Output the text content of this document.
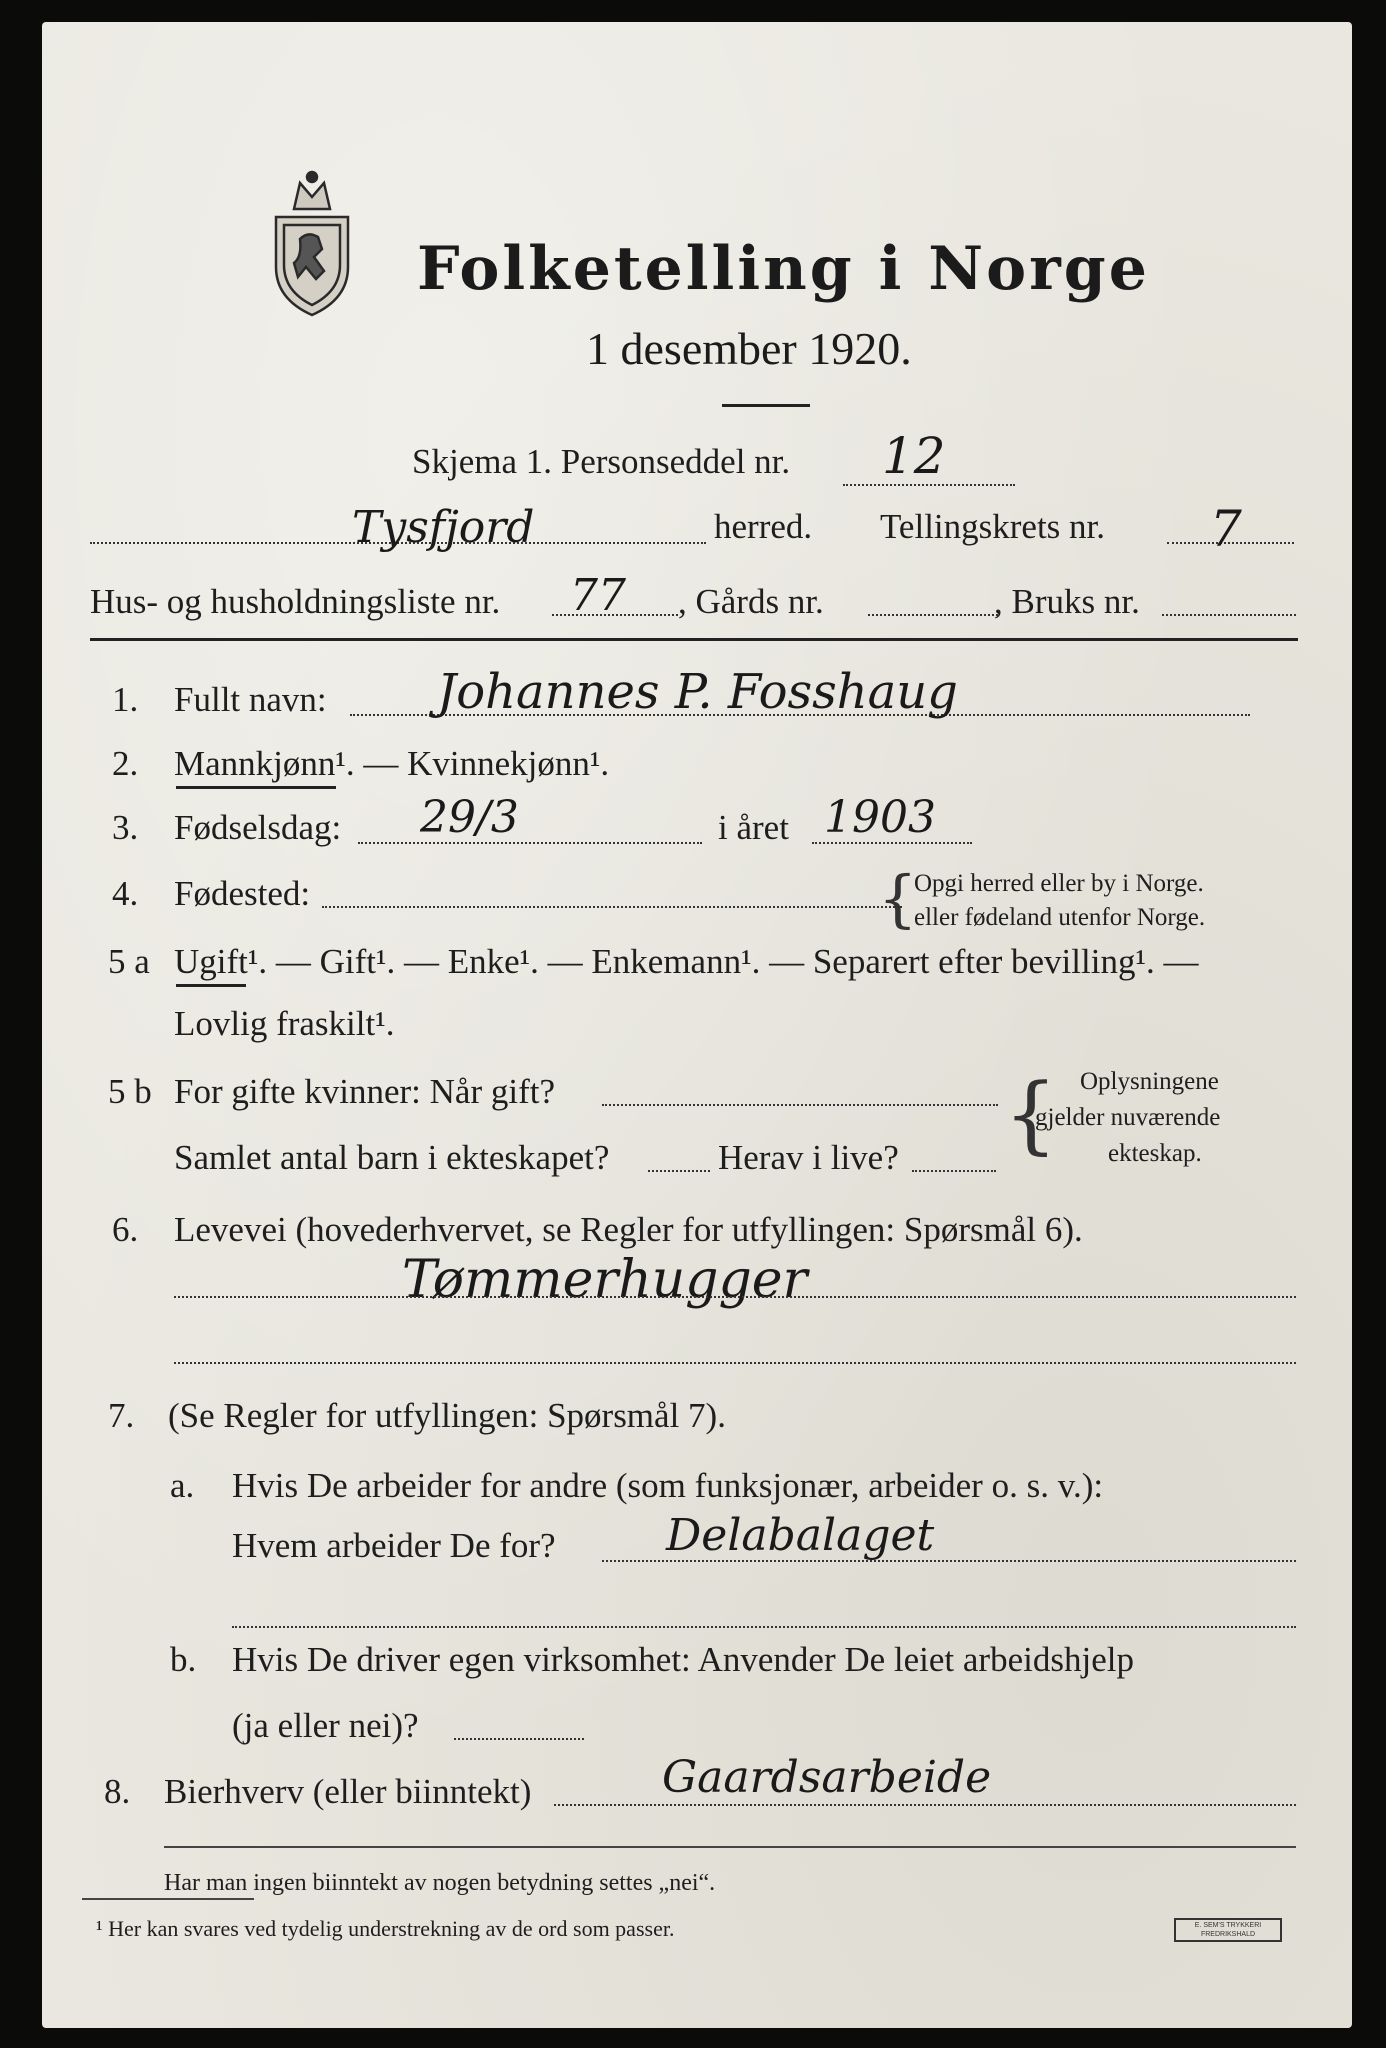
Folketelling i Norge
1 desember 1920.
Skjema 1. Personseddel nr. 12
Tysfjord	herred. Tellingskrets nr. 7
Hus- og husholdningsliste nr. 77 , Gårds nr.	, Bruks nr.
1. Fullt navn: Johannes P. Fosshaug
2. Mannkjønn¹. — Kvinnekjønn¹.
3. Fødselsdag: 29/3	i året 1903
4. Fødested:	{
Opgi herred eller by i Norge.
eller fødeland utenfor Norge.
5 a Ugift¹. — Gift¹. — Enke¹. — Enkemann¹. — Separert efter bevilling¹. —
Lovlig fraskilt¹.
5 b For gifte kvinner: Når gift?
Samlet antal barn i ekteskapet?	Herav i live? { Oplysningene
gjelder nuværende
ekteskap.
6. Levevei (hovederhvervet, se Regler for utfyllingen: Spørsmål 6).
Tømmerhugger
7. (Se Regler for utfyllingen: Spørsmål 7).
a. Hvis De arbeider for andre (som funksjonær, arbeider o. s. v.):
Hvem arbeider De for?	Delabalaget
b. Hvis De driver egen virksomhet: Anvender De leiet arbeidshjelp
(ja eller nei)?
8. Bierhverv (eller biinntekt)	Gaardsarbeide
Har man ingen biinntekt av nogen betydning settes „nei“.
¹ Her kan svares ved tydelig understrekning av de ord som passer.	E. SEM'S TRYKKERI
FREDRIKSHALD
